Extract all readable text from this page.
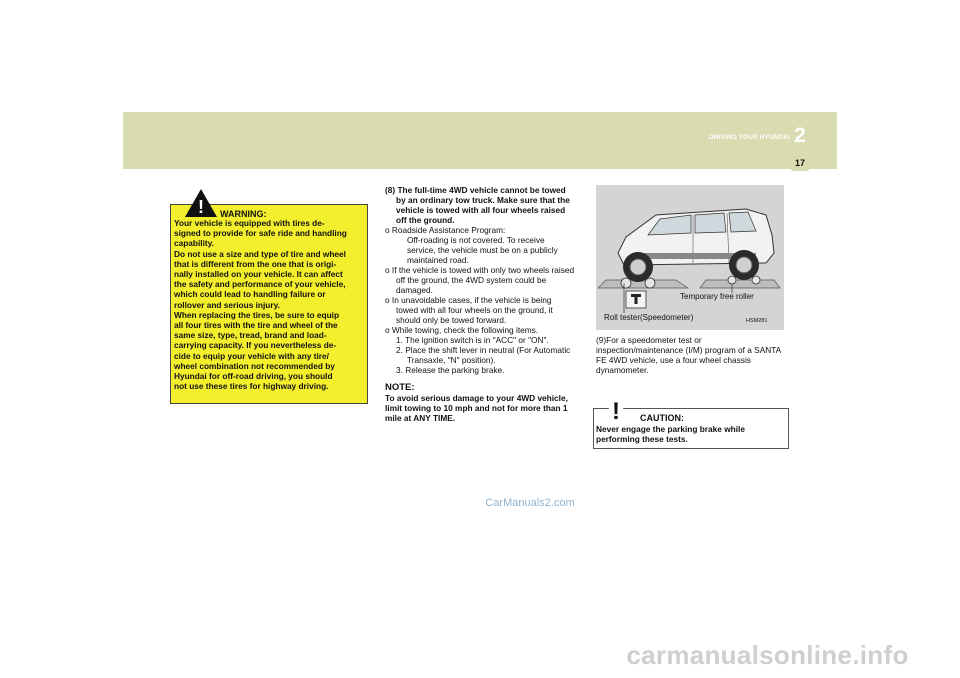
DRIVING YOUR HYUNDAI 2
17
! WARNING:
Your vehicle is equipped with tires de-
signed to provide for safe ride and handling
capability.
Do not use a size and type of tire and wheel
that is different from the one that is origi-
nally installed on your vehicle. It can affect
the safety and performance of your vehicle,
which could lead to handling failure or
rollover and serious injury.
When replacing the tires, be sure to equip
all four tires with the tire and wheel of the
same size, type, tread, brand and load-
carrying capacity. If you nevertheless de-
cide to equip your vehicle with any tire/
wheel combination not recommended by
Hyundai for off-road driving, you should
not use these tires for highway driving.

(8) The full-time 4WD vehicle cannot be towed by an ordinary tow truck. Make sure that the vehicle is towed with all four wheels raised off the ground.

o Roadside Assistance Program:

Off-roading is not covered. To receive service, the vehicle must be on a publicly maintained road.

o If the vehicle is towed with only two wheels raised off the ground, the 4WD system could be damaged.

o In unavoidable cases, if the vehicle is being towed with all four wheels on the ground, it should only be towed forward.

o While towing, check the following items.

1. The ignition switch is in "ACC" or "ON".

2. Place the shift lever in neutral (For Automatic Transaxle, "N" position).

3. Release the parking brake.

NOTE:

To avoid serious damage to your 4WD vehicle, limit towing to 10 mph and not for more than 1 mile at ANY TIME.

Temporary free roller
Roll tester(Speedometer)	HSM281
(9)For a speedometer test or inspection/maintenance (I/M) program of a SANTA FE 4WD vehicle, use a four wheel chassis dynamometer.
! CAUTION:
Never engage the parking brake while performing these tests.
CarManuals2.com
carmanualsonline.info
